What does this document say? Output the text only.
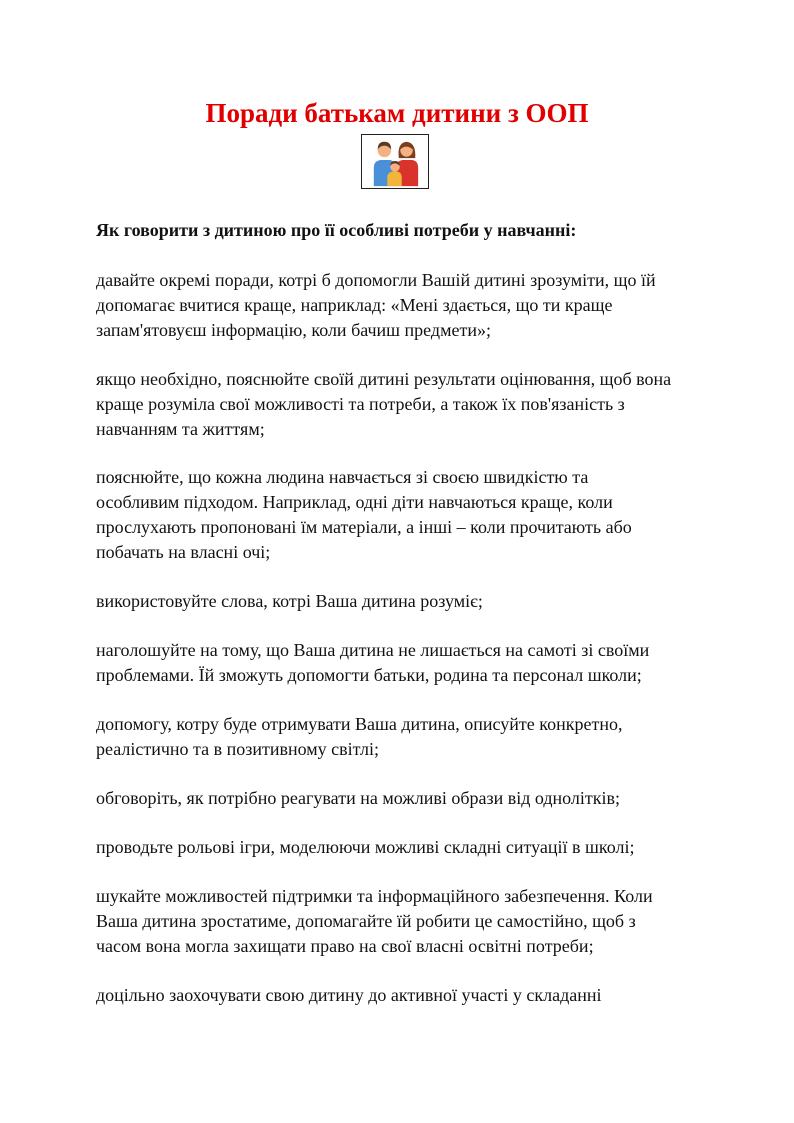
Поради батькам дитини з ООП
Як говорити з дитиною про її особливі потреби у навчанні:
давайте окремі поради, котрі б допомогли Вашій дитині зрозуміти, що їй
допомагає вчитися краще, наприклад: «Мені здається, що ти краще
запам'ятовуєш інформацію, коли бачиш предмети»;
якщо необхідно, пояснюйте своїй дитині результати оцінювання, щоб вона
краще розуміла свої можливості та потреби, а також їх пов'язаність з
навчанням та життям;
пояснюйте, що кожна людина навчається зі своєю швидкістю та
особливим підходом. Наприклад, одні діти навчаються краще, коли
прослухають пропоновані їм матеріали, а інші – коли прочитають або
побачать на власні очі;
використовуйте слова, котрі Ваша дитина розуміє;
наголошуйте на тому, що Ваша дитина не лишається на самоті зі своїми
проблемами. Їй зможуть допомогти батьки, родина та персонал школи;
допомогу, котру буде отримувати Ваша дитина, описуйте конкретно,
реалістично та в позитивному світлі;
обговоріть, як потрібно реагувати на можливі образи від однолітків;
проводьте рольові ігри, моделюючи можливі складні ситуації в школі;
шукайте можливостей підтримки та інформаційного забезпечення. Коли
Ваша дитина зростатиме, допомагайте їй робити це самостійно, щоб з
часом вона могла захищати право на свої власні освітні потреби;
доцільно заохочувати свою дитину до активної участі у складанні
